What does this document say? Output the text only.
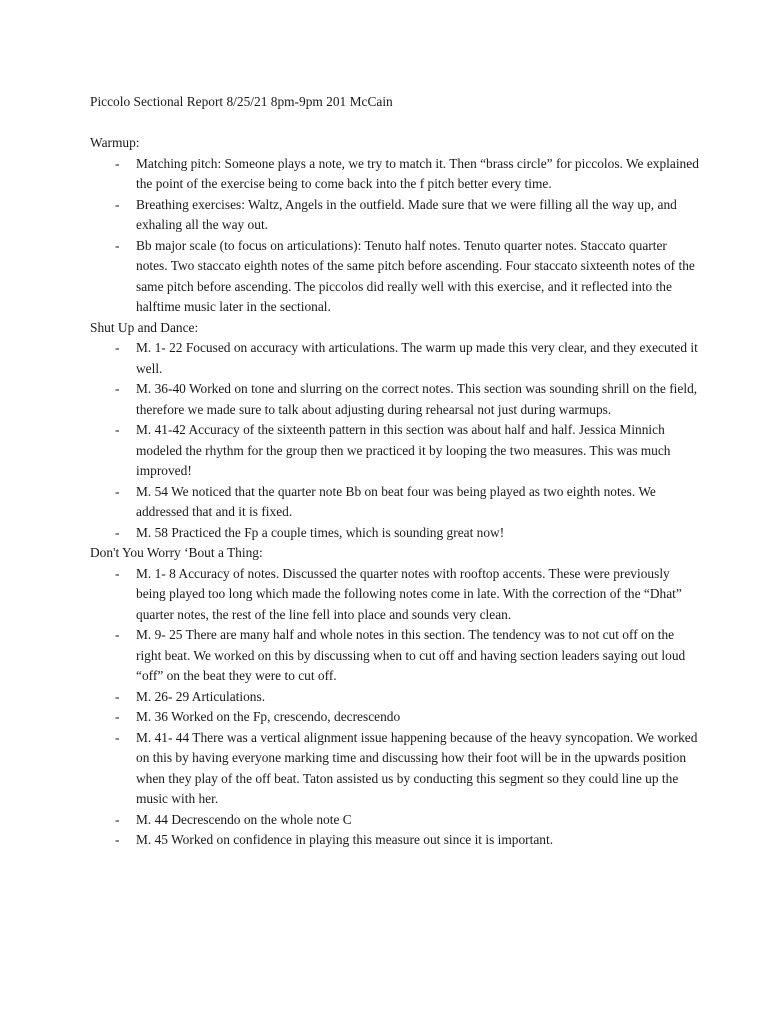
Piccolo Sectional Report 8/25/21 8pm-9pm 201 McCain

Warmup:

- Matching pitch: Someone plays a note, we try to match it. Then “brass circle” for piccolos. We explained the point of the exercise being to come back into the f pitch better every time.
- Breathing exercises: Waltz, Angels in the outfield. Made sure that we were filling all the way up, and exhaling all the way out.
- Bb major scale (to focus on articulations): Tenuto half notes. Tenuto quarter notes. Staccato quarter notes. Two staccato eighth notes of the same pitch before ascending. Four staccato sixteenth notes of the same pitch before ascending. The piccolos did really well with this exercise, and it reflected into the halftime music later in the sectional.

Shut Up and Dance:

- M. 1- 22 Focused on accuracy with articulations. The warm up made this very clear, and they executed it well.
- M. 36-40 Worked on tone and slurring on the correct notes. This section was sounding shrill on the field, therefore we made sure to talk about adjusting during rehearsal not just during warmups.
- M. 41-42 Accuracy of the sixteenth pattern in this section was about half and half. Jessica Minnich modeled the rhythm for the group then we practiced it by looping the two measures. This was much improved!
- M. 54 We noticed that the quarter note Bb on beat four was being played as two eighth notes. We addressed that and it is fixed.
- M. 58 Practiced the Fp a couple times, which is sounding great now!

Don't You Worry ‘Bout a Thing:

- M. 1- 8 Accuracy of notes. Discussed the quarter notes with rooftop accents. These were previously being played too long which made the following notes come in late. With the correction of the “Dhat” quarter notes, the rest of the line fell into place and sounds very clean.
- M. 9- 25 There are many half and whole notes in this section. The tendency was to not cut off on the right beat. We worked on this by discussing when to cut off and having section leaders saying out loud “off” on the beat they were to cut off.
- M. 26- 29 Articulations.
- M. 36 Worked on the Fp, crescendo, decrescendo
- M. 41- 44 There was a vertical alignment issue happening because of the heavy syncopation. We worked on this by having everyone marking time and discussing how their foot will be in the upwards position when they play of the off beat. Taton assisted us by conducting this segment so they could line up the music with her.
- M. 44 Decrescendo on the whole note C
- M. 45 Worked on confidence in playing this measure out since it is important.
